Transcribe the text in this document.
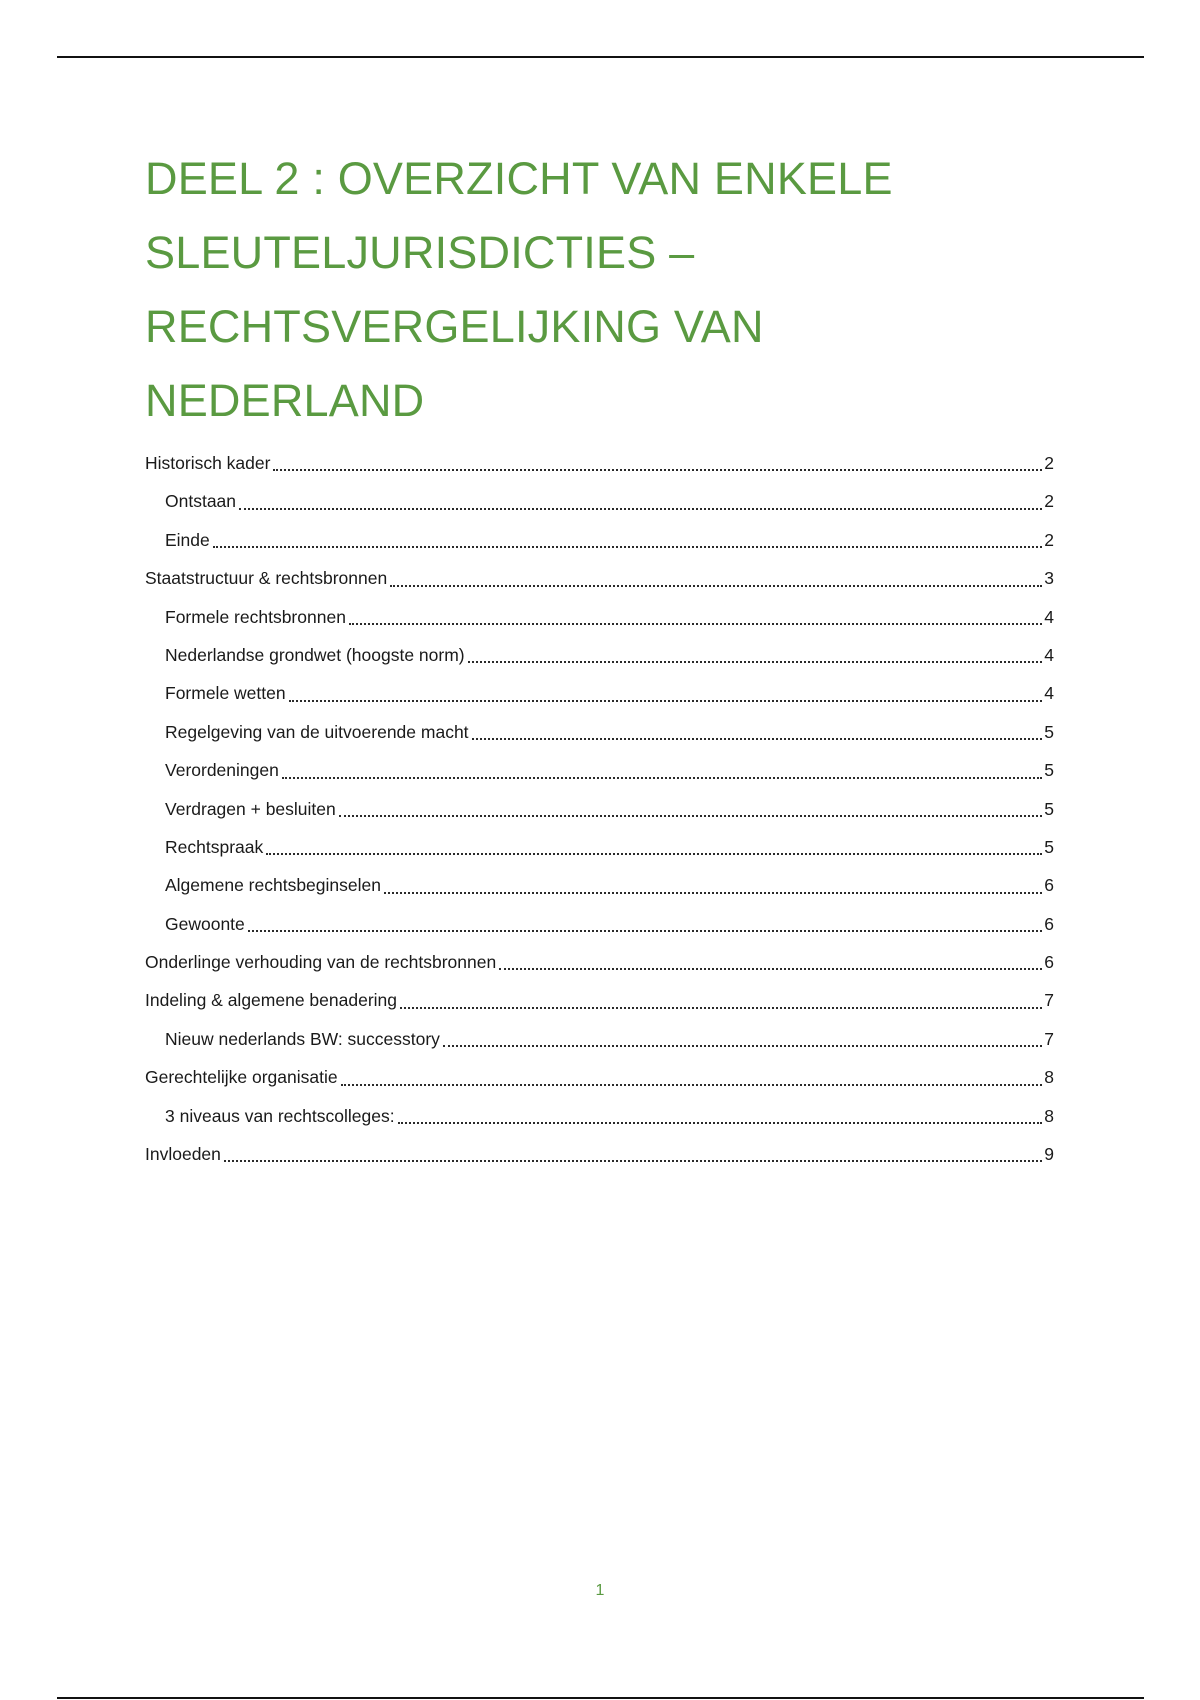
DEEL 2 : OVERZICHT VAN ENKELE
SLEUTELJURISDICTIES –
RECHTSVERGELIJKING VAN
NEDERLAND
Historisch kader	2
Ontstaan	2
Einde	2
Staatstructuur & rechtsbronnen	3
Formele rechtsbronnen	4
Nederlandse grondwet (hoogste norm)	4
Formele wetten	4
Regelgeving van de uitvoerende macht	5
Verordeningen	5
Verdragen + besluiten	5
Rechtspraak	5
Algemene rechtsbeginselen	6
Gewoonte	6
Onderlinge verhouding van de rechtsbronnen	6
Indeling & algemene benadering	7
Nieuw nederlands BW: successtory	7
Gerechtelijke organisatie	8
3 niveaus van rechtscolleges:	8
Invloeden	9
1
